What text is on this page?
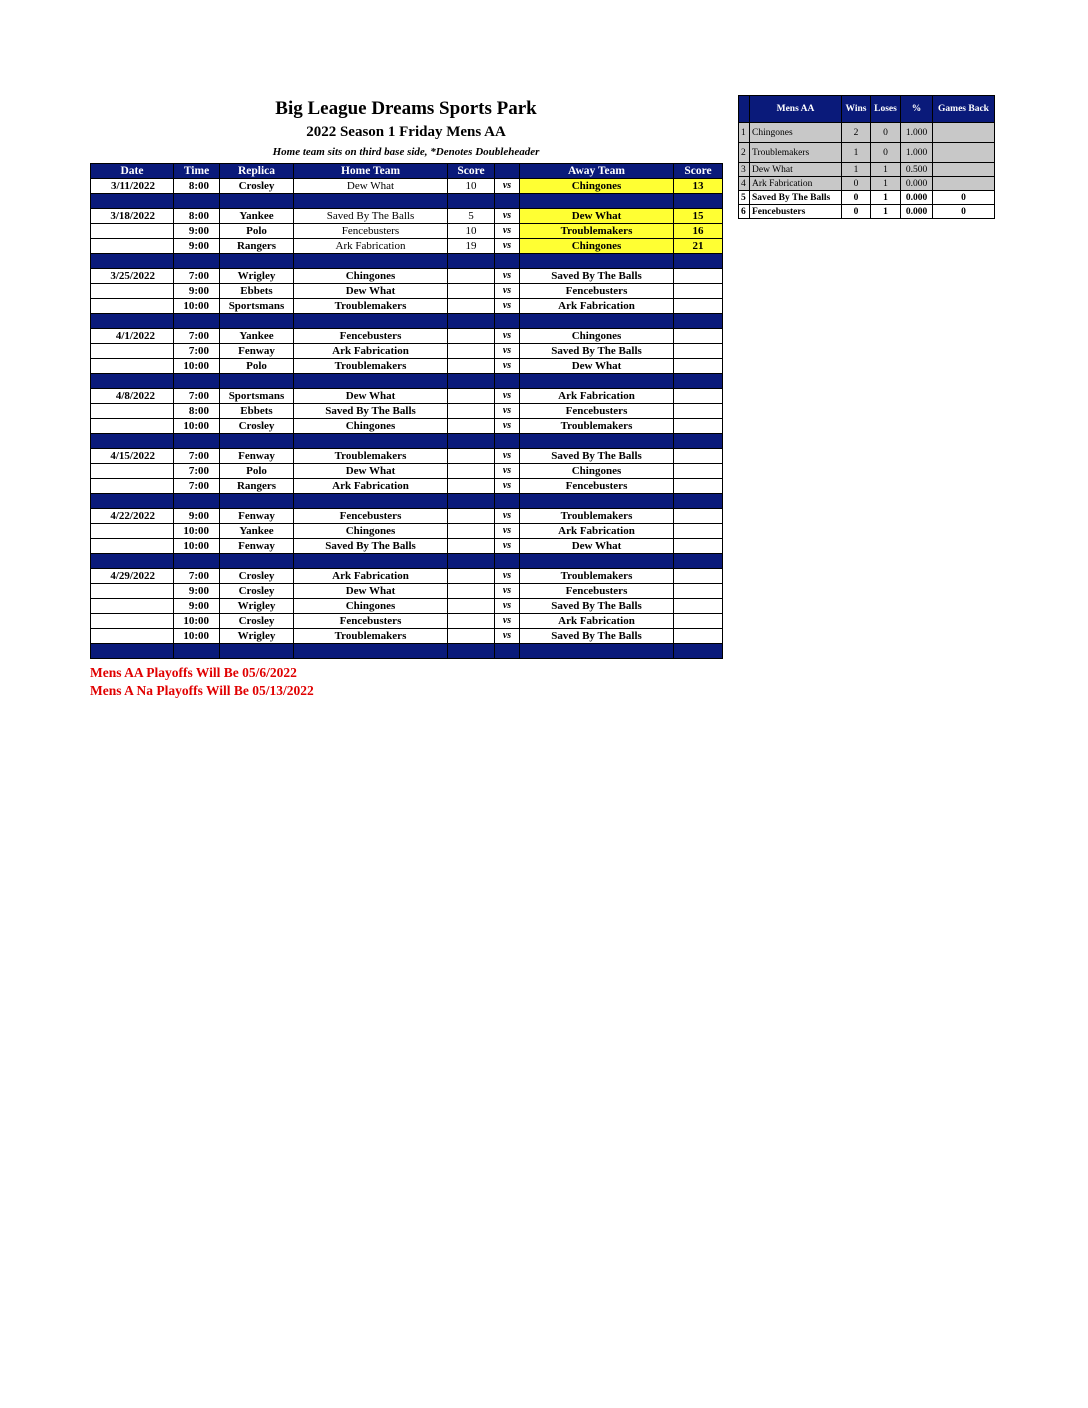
Big League Dreams Sports Park
2022 Season 1 Friday Mens AA
Home team sits on third base side, *Denotes Doubleheader
Date	Time	Replica	Home Team	Score		Away Team	Score
3/11/2022	8:00	Crosley	Dew What	10	vs	Chingones	13

3/18/2022	8:00	Yankee	Saved By The Balls	5	vs	Dew What	15
	9:00	Polo	Fencebusters	10	vs	Troublemakers	16
	9:00	Rangers	Ark Fabrication	19	vs	Chingones	21

3/25/2022	7:00	Wrigley	Chingones		vs	Saved By The Balls	
	9:00	Ebbets	Dew What		vs	Fencebusters	
	10:00	Sportsmans	Troublemakers		vs	Ark Fabrication	

4/1/2022	7:00	Yankee	Fencebusters		vs	Chingones	
	7:00	Fenway	Ark Fabrication		vs	Saved By The Balls	
	10:00	Polo	Troublemakers		vs	Dew What	

4/8/2022	7:00	Sportsmans	Dew What		vs	Ark Fabrication	
	8:00	Ebbets	Saved By The Balls		vs	Fencebusters	
	10:00	Crosley	Chingones		vs	Troublemakers	

4/15/2022	7:00	Fenway	Troublemakers		vs	Saved By The Balls	
	7:00	Polo	Dew What		vs	Chingones	
	7:00	Rangers	Ark Fabrication		vs	Fencebusters	

4/22/2022	9:00	Fenway	Fencebusters		vs	Troublemakers	
	10:00	Yankee	Chingones		vs	Ark Fabrication	
	10:00	Fenway	Saved By The Balls		vs	Dew What	

4/29/2022	7:00	Crosley	Ark Fabrication		vs	Troublemakers	
	9:00	Crosley	Dew What		vs	Fencebusters	
	9:00	Wrigley	Chingones		vs	Saved By The Balls	
	10:00	Crosley	Fencebusters		vs	Ark Fabrication	
	10:00	Wrigley	Troublemakers		vs	Saved By The Balls	

	Mens AA	Wins	Loses	%	Games Back
1	Chingones	2	0	1.000	
2	Troublemakers	1	0	1.000	
3	Dew What	1	1	0.500	
4	Ark Fabrication	0	1	0.000	
5	Saved By The Balls	0	1	0.000	0
6	Fencebusters	0	1	0.000	0
Mens AA Playoffs Will Be 05/6/2022
Mens A Na Playoffs Will Be 05/13/2022
